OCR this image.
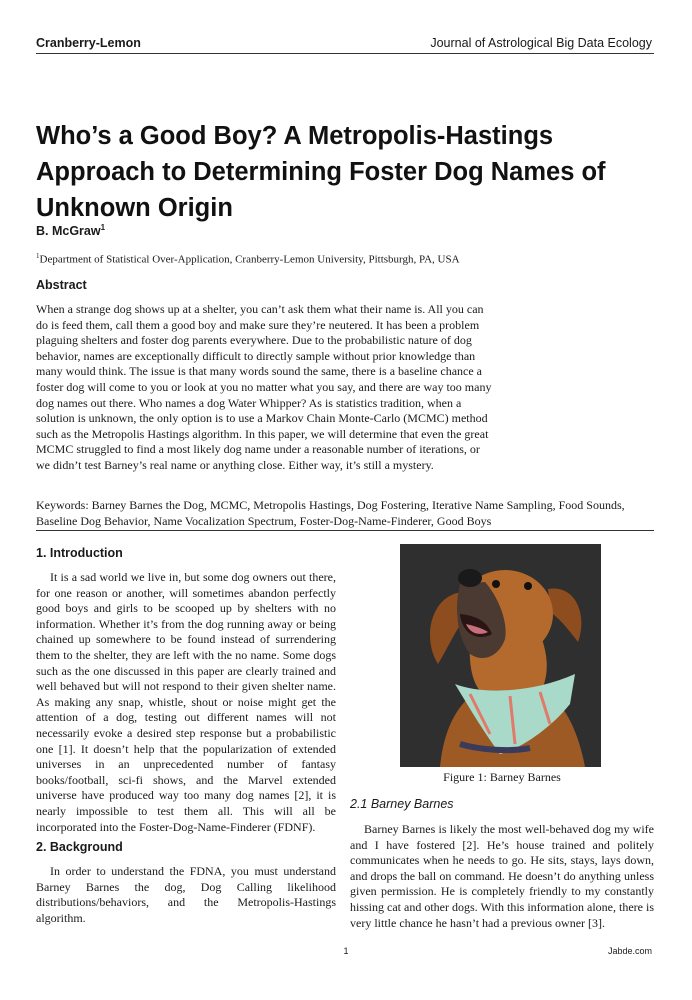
Cranberry-Lemon	Journal of Astrological Big Data Ecology
Who’s a Good Boy? A Metropolis-Hastings Approach to Determining Foster Dog Names of Unknown Origin
B. McGraw$^1$
$^1$Department of Statistical Over-Application, Cranberry-Lemon University, Pittsburgh, PA, USA
Abstract

When a strange dog shows up at a shelter, you can’t ask them what their name is. All you can do is feed them, call them a good boy and make sure they’re neutered. It has been a problem plaguing shelters and foster dog parents everywhere. Due to the probabilistic nature of dog behavior, names are exceptionally difficult to directly sample without prior knowledge than many would think. The issue is that many words sound the same, there is a baseline chance a foster dog will come to you or look at you no matter what you say, and there are way too many dog names out there. Who names a dog Water Whipper? As is statistics tradition, when a solution is unknown, the only option is to use a Markov Chain Monte-Carlo (MCMC) method such as the Metropolis Hastings algorithm. In this paper, we will determine that even the great MCMC struggled to find a most likely dog name under a reasonable number of iterations, or we didn’t test Barney’s real name or anything close. Either way, it’s still a mystery.

Keywords: Barney Barnes the Dog, MCMC, Metropolis Hastings, Dog Fostering, Iterative Name Sampling, Food Sounds, Baseline Dog Behavior, Name Vocalization Spectrum, Foster-Dog-Name-Finderer, Good Boys

1. Introduction

It is a sad world we live in, but some dog owners out there, for one reason or another, will sometimes abandon perfectly good boys and girls to be scooped up by shelters with no information. Whether it’s from the dog running away or being chained up somewhere to be found instead of surrendering them to the shelter, they are left with the no name. Some dogs such as the one discussed in this paper are clearly trained and well behaved but will not respond to their given shelter name. As making any snap, whistle, shout or noise might get the attention of a dog, testing out different names will not necessarily evoke a desired step response but a probabilistic one [1]. It doesn’t help that the popularization of extended universes in an unprecedented number of fantasy books/football, sci-fi shows, and the Marvel extended universe have produced way too many dog names [2], it is nearly impossible to test them all. This will all be incorporated into the Foster-Dog-Name-Finderer (FDNF).

2. Background

In order to understand the FDNA, you must understand Barney Barnes the dog, Dog Calling likelihood distributions/behaviors, and the Metropolis-Hastings algorithm.

Figure 1: Barney Barnes
2.1 Barney Barnes

Barney Barnes is likely the most well-behaved dog my wife and I have fostered [2]. He’s house trained and politely communicates when he needs to go. He sits, stays, lays down, and drops the ball on command. He doesn’t do anything unless given permission. He is completely friendly to my constantly hissing cat and other dogs. With this information alone, there is very little chance he hasn’t had a previous owner [3].

1	Jabde.com
